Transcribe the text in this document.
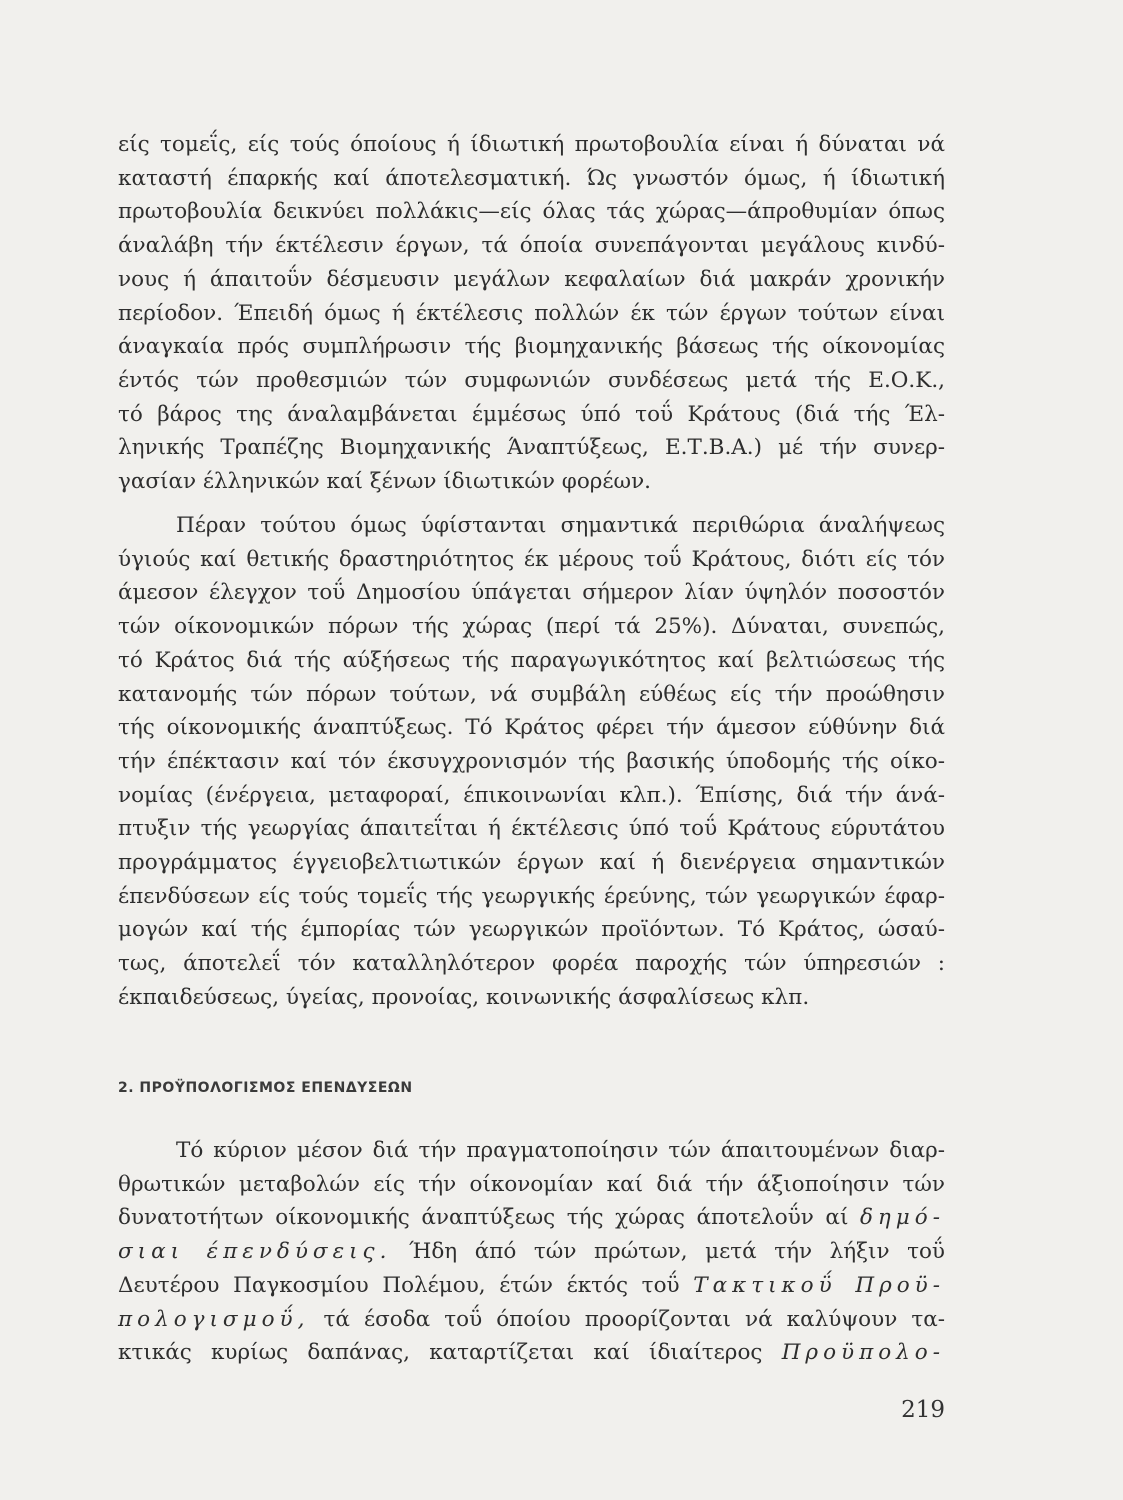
είς τομεΐς, είς τούς όποίους ή ίδιωτική πρωτοβουλία είναι ή δύναται νά
καταστή έπαρκής καί άποτελεσματική. Ώς γνωστόν όμως, ή ίδιωτική
πρωτοβουλία δεικνύει πολλάκις—είς όλας τάς χώρας—άπροθυμίαν όπως
άναλάβη τήν έκτέλεσιν έργων, τά όποία συνεπάγονται μεγάλους κινδύ-
νους ή άπαιτοΰν δέσμευσιν μεγάλων κεφαλαίων διά μακράν χρονικήν
περίοδον. Έπειδή όμως ή έκτέλεσις πολλών έκ τών έργων τούτων είναι
άναγκαία πρός συμπλήρωσιν τής βιομηχανικής βάσεως τής οίκονομίας
έντός τών προθεσμιών τών συμφωνιών συνδέσεως μετά τής Ε.Ο.Κ.,
τό βάρος της άναλαμβάνεται έμμέσως ύπό τοΰ Κράτους (διά τής Έλ-
ληνικής Τραπέζης Βιομηχανικής Άναπτύξεως, Ε.Τ.Β.Α.) μέ τήν συνερ-
γασίαν έλληνικών καί ξένων ίδιωτικών φορέων.
Πέραν τούτου όμως ύφίστανται σημαντικά περιθώρια άναλήψεως
ύγιούς καί θετικής δραστηριότητος έκ μέρους τοΰ Κράτους, διότι είς τόν
άμεσον έλεγχον τοΰ Δημοσίου ύπάγεται σήμερον λίαν ύψηλόν ποσοστόν
τών οίκονομικών πόρων τής χώρας (περί τά 25%). Δύναται, συνεπώς,
τό Κράτος διά τής αύξήσεως τής παραγωγικότητος καί βελτιώσεως τής
κατανομής τών πόρων τούτων, νά συμβάλη εύθέως είς τήν προώθησιν
τής οίκονομικής άναπτύξεως. Τό Κράτος φέρει τήν άμεσον εύθύνην διά
τήν έπέκτασιν καί τόν έκσυγχρονισμόν τής βασικής ύποδομής τής οίκο-
νομίας (ένέργεια, μεταφοραί, έπικοινωνίαι κλπ.). Έπίσης, διά τήν άνά-
πτυξιν τής γεωργίας άπαιτεΐται ή έκτέλεσις ύπό τοΰ Κράτους εύρυτάτου
προγράμματος έγγειοβελτιωτικών έργων καί ή διενέργεια σημαντικών
έπενδύσεων είς τούς τομεΐς τής γεωργικής έρεύνης, τών γεωργικών έφαρ-
μογών καί τής έμπορίας τών γεωργικών προϊόντων. Τό Κράτος, ώσαύ-
τως, άποτελεΐ τόν καταλληλότερον φορέα παροχής τών ύπηρεσιών :
έκπαιδεύσεως, ύγείας, προνοίας, κοινωνικής άσφαλίσεως κλπ.
2. ΠΡΟΫΠΟΛΟΓΙΣΜΟΣ ΕΠΕΝΔΥΣΕΩΝ
Τό κύριον μέσον διά τήν πραγματοποίησιν τών άπαιτουμένων διαρ-
θρωτικών μεταβολών είς τήν οίκονομίαν καί διά τήν άξιοποίησιν τών
δυνατοτήτων οίκονομικής άναπτύξεως τής χώρας άποτελοΰν αί δημό-
σιαι έπενδύσεις. Ήδη άπό τών πρώτων, μετά τήν λήξιν τοΰ
Δευτέρου Παγκοσμίου Πολέμου, έτών έκτός τοΰ Τακτικοΰ Προϋ-
πολογισμοΰ, τά έσοδα τοΰ όποίου προορίζονται νά καλύψουν τα-
κτικάς κυρίως δαπάνας, καταρτίζεται καί ίδιαίτερος Προϋπολο-
219
